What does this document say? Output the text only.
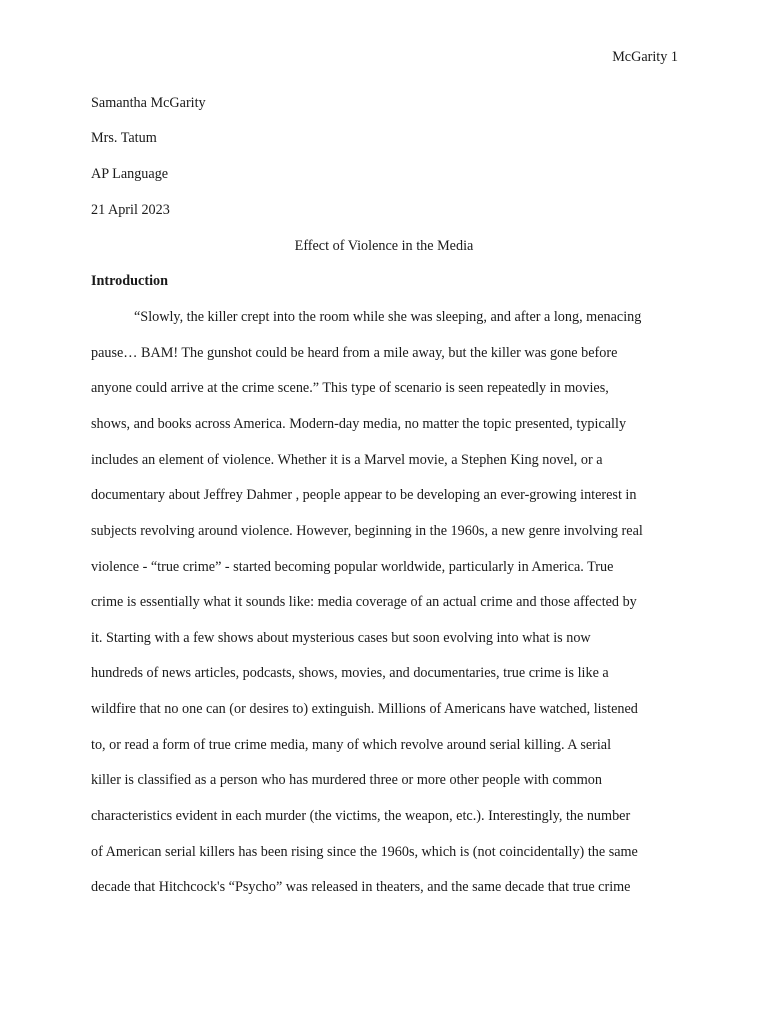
McGarity 1
Samantha McGarity
Mrs. Tatum
AP Language
21 April 2023
Effect of Violence in the Media
Introduction
“Slowly, the killer crept into the room while she was sleeping, and after a long, menacing
pause… BAM! The gunshot could be heard from a mile away, but the killer was gone before
anyone could arrive at the crime scene.” This type of scenario is seen repeatedly in movies,
shows, and books across America. Modern-day media, no matter the topic presented, typically
includes an element of violence. Whether it is a Marvel movie, a Stephen King novel, or a
documentary about Jeffrey Dahmer , people appear to be developing an ever-growing interest in
subjects revolving around violence. However, beginning in the 1960s, a new genre involving real
violence - “true crime” - started becoming popular worldwide, particularly in America. True
crime is essentially what it sounds like: media coverage of an actual crime and those affected by
it. Starting with a few shows about mysterious cases but soon evolving into what is now
hundreds of news articles, podcasts, shows, movies, and documentaries, true crime is like a
wildfire that no one can (or desires to) extinguish. Millions of Americans have watched, listened
to, or read a form of true crime media, many of which revolve around serial killing. A serial
killer is classified as a person who has murdered three or more other people with common
characteristics evident in each murder (the victims, the weapon, etc.). Interestingly, the number
of American serial killers has been rising since the 1960s, which is (not coincidentally) the same
decade that Hitchcock's “Psycho” was released in theaters, and the same decade that true crime
